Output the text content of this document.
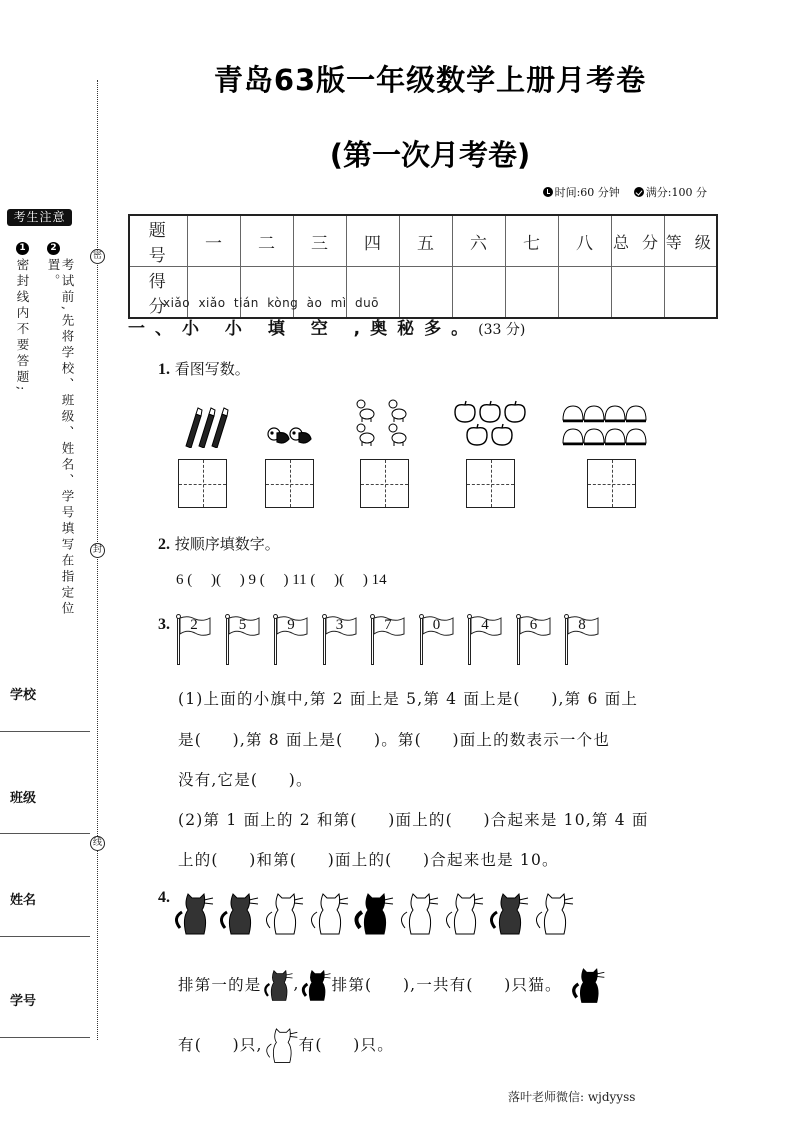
青岛63版一年级数学上册月考卷
(第一次月考卷)
时间:60 分钟 满分:100 分
考生注意
1	2
密封线内不要答题;	考试前,先将学校、班级、姓名、学号填写在指定位置。
密
封
线
学校
班级
姓名
学号
题 号	一	二	三	四	五	六	七	八	总 分	等 级
得 分										
xiǎo xiǎo tián kòng ào mì duō
一、小 小 填 空 ,奥秘多。(33 分)
1. 看图写数。
2. 按顺序填数字。
6 (     )(     ) 9 (     ) 11 (     )(     ) 14
3.	2	5	9	3	7	0	4	6	8
(1)上面的小旗中,第 2 面上是 5,第 4 面上是(     ),第 6 面上
是(     ),第 8 面上是(     )。第(     )面上的数表示一个也
没有,它是(     )。
(2)第 1 面上的 2 和第(     )面上的(     )合起来是 10,第 4 面
上的(     )和第(     )面上的(     )合起来也是 10。
4.
排第一的是 , 排第(     ),一共有(     )只猫。
有(     )只, 有(     )只。
落叶老师微信: wjdyyss
